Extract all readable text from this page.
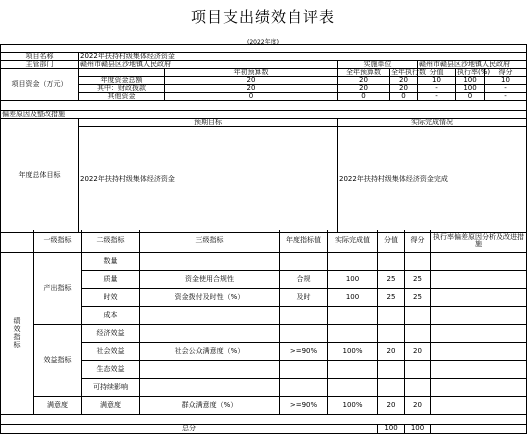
项目支出绩效自评表
(2022年度)

项目名称	2022年扶持村级集体经济资金						
主管部门	赣州市赣县区沙地镇人民政府		实施单位		赣州市赣县区沙地镇人民政府		
项目资金（万元）		年初预算数	全年预算数	全年执行数	分值	执行率(%)	得分
	年度资金总额	20	20	20	10	100	10
	其中：财政拨款	20	20	20	-	100	-
	其他资金	0	0	0	-	0	-

偏差原因及整改措施							
年度总体目标	预期目标		实际完成情况				
	2022年扶持村级集体经济资金		2022年扶持村级集体经济资金完成				
	一级指标	二级指标	三级指标	年度指标值	实际完成值	分值	得分	执行率偏差原因分析及改进措施

绩效指标	产出指标	数量						
		质量	资金使用合规性	合规	100	25	25	
		时效	资金拨付及时性（%）	及时	100	25	25	
		成本						
	效益指标	经济效益						
		社会效益	社会公众满意度（%）	>=90%	100%	20	20	
		生态效益						
		可持续影响						
	满意度	满意度	群众满意度（%）	>=90%	100%	20	20	

总分						100	100	
